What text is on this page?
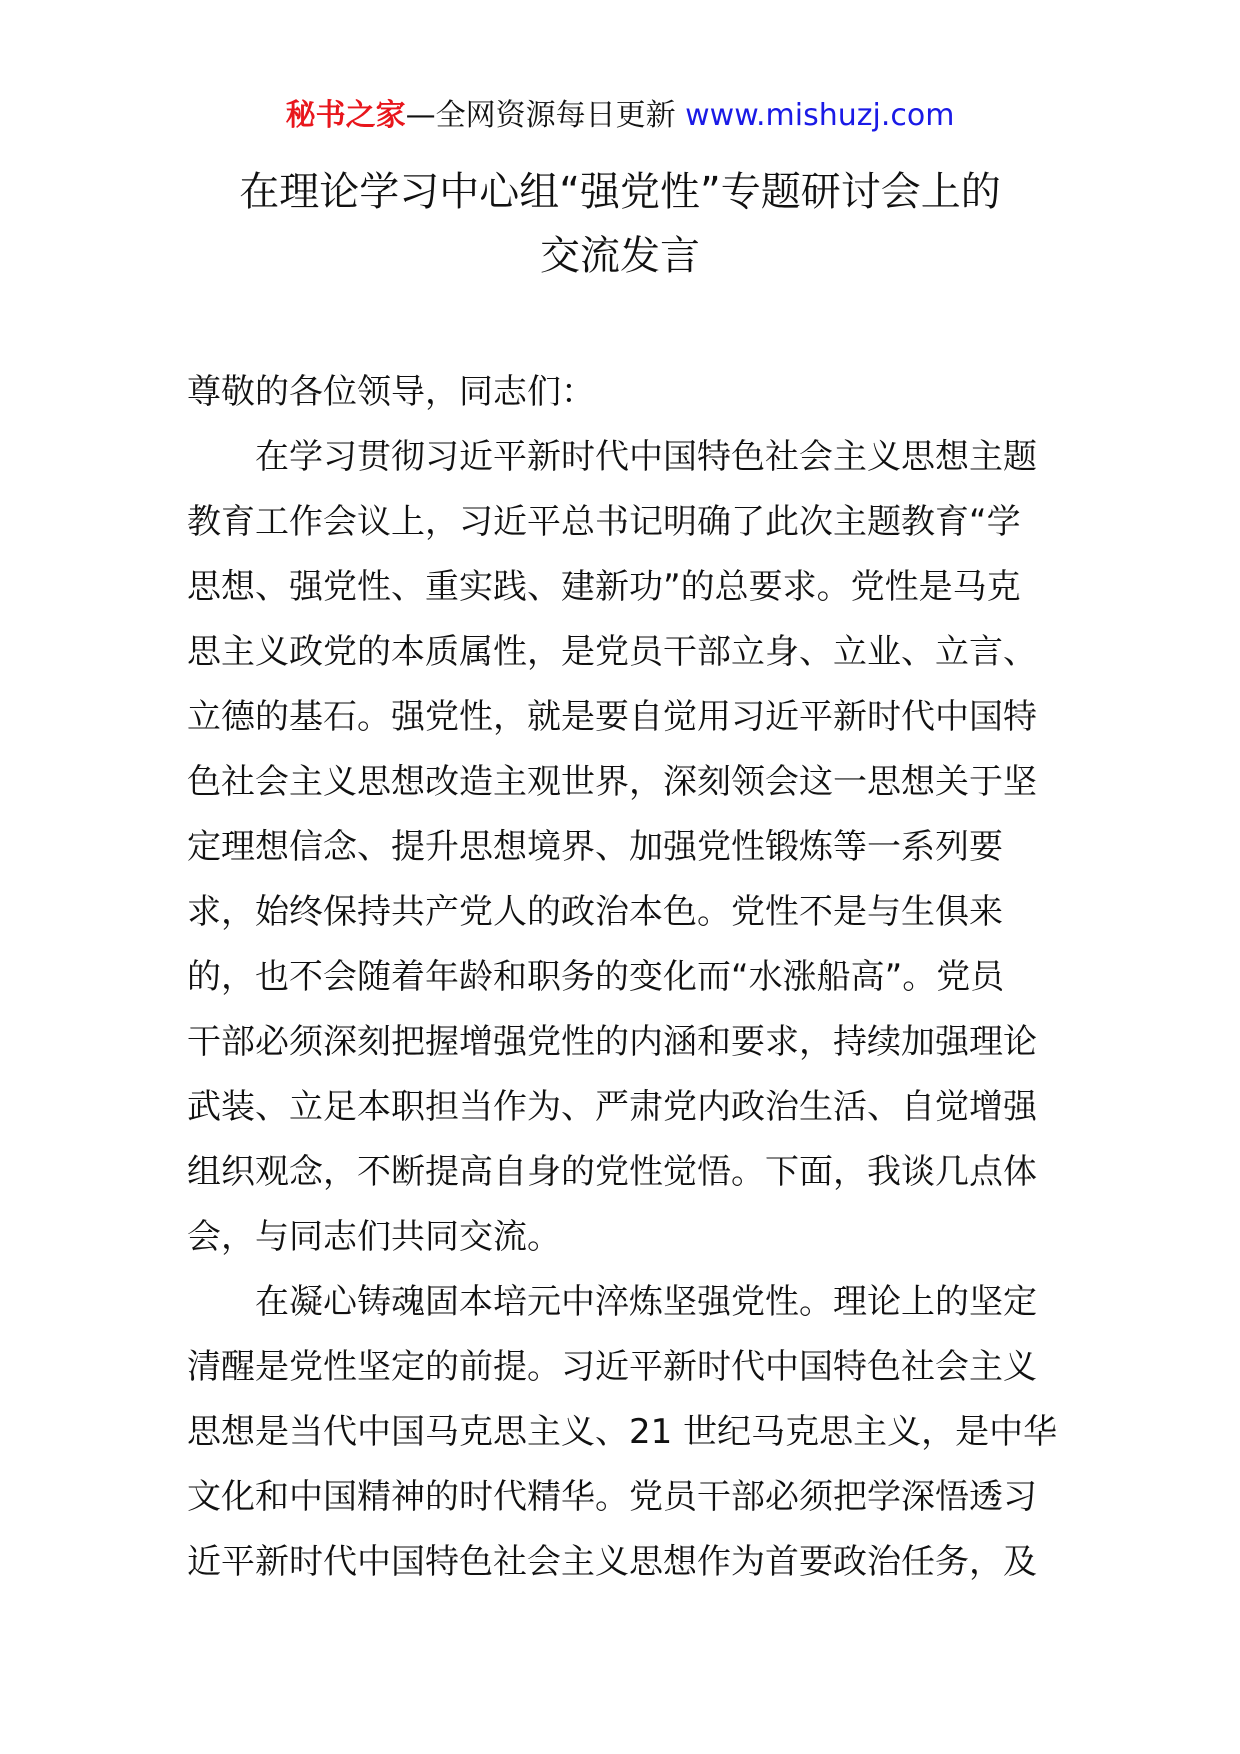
秘书之家—全网资源每日更新 www.mishuzj.com
在理论学习中心组“强党性”专题研讨会上的
交流发言
尊敬的各位领导，同志们：
在学习贯彻习近平新时代中国特色社会主义思想主题
教育工作会议上，习近平总书记明确了此次主题教育“学
思想、强党性、重实践、建新功”的总要求。党性是马克
思主义政党的本质属性，是党员干部立身、立业、立言、
立德的基石。强党性，就是要自觉用习近平新时代中国特
色社会主义思想改造主观世界，深刻领会这一思想关于坚
定理想信念、提升思想境界、加强党性锻炼等一系列要
求，始终保持共产党人的政治本色。党性不是与生俱来
的，也不会随着年龄和职务的变化而“水涨船高”。党员
干部必须深刻把握增强党性的内涵和要求，持续加强理论
武装、立足本职担当作为、严肃党内政治生活、自觉增强
组织观念，不断提高自身的党性觉悟。下面，我谈几点体
会，与同志们共同交流。
在凝心铸魂固本培元中淬炼坚强党性。理论上的坚定
清醒是党性坚定的前提。习近平新时代中国特色社会主义
思想是当代中国马克思主义、21 世纪马克思主义，是中华
文化和中国精神的时代精华。党员干部必须把学深悟透习
近平新时代中国特色社会主义思想作为首要政治任务，及
